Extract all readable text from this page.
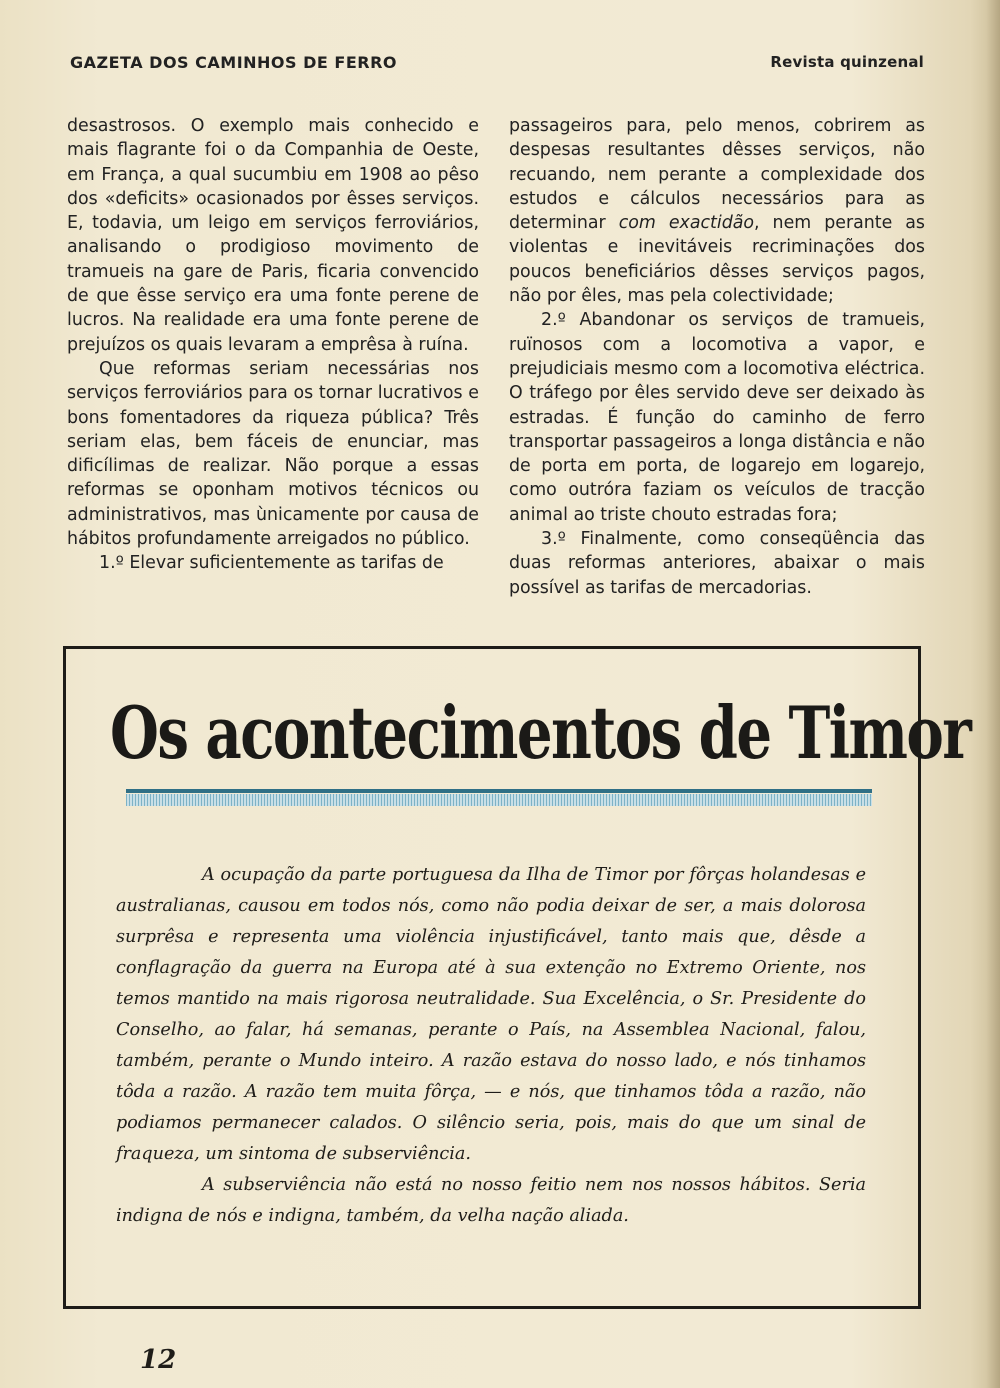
GAZETA DOS CAMINHOS DE FERRO	Revista quinzenal

desastrosos. O exemplo mais conhecido e mais flagrante foi o da Companhia de Oeste, em França, a qual sucumbiu em 1908 ao pêso dos «deficits» ocasionados por êsses serviços. E, todavia, um leigo em serviços ferroviários, analisando o prodigioso movimento de tramueis na gare de Paris, ficaria convencido de que êsse serviço era uma fonte perene de lucros. Na realidade era uma fonte perene de prejuízos os quais levaram a emprêsa à ruína.

Que reformas seriam necessárias nos serviços ferroviários para os tornar lucrativos e bons fomentadores da riqueza pública? Três seriam elas, bem fáceis de enunciar, mas dificílimas de realizar. Não porque a essas reformas se oponham motivos técnicos ou administrativos, mas ùnicamente por causa de hábitos profundamente arreigados no público.

1.º Elevar suficientemente as tarifas de

passageiros para, pelo menos, cobrirem as despesas resultantes dêsses serviços, não recuando, nem perante a complexidade dos estudos e cálculos necessários para as determinar com exactidão, nem perante as violentas e inevitáveis recriminações dos poucos beneficiários dêsses serviços pagos, não por êles, mas pela colectividade;

2.º Abandonar os serviços de tramueis, ruïnosos com a locomotiva a vapor, e prejudiciais mesmo com a locomotiva eléctrica. O tráfego por êles servido deve ser deixado às estradas. É função do caminho de ferro transportar passageiros a longa distância e não de porta em porta, de logarejo em logarejo, como outróra faziam os veículos de tracção animal ao triste chouto estradas fora;

3.º Finalmente, como conseqüência das duas reformas anteriores, abaixar o mais possível as tarifas de mercadorias.

Os acontecimentos de Timor

A ocupação da parte portuguesa da Ilha de Timor por fôrças holandesas e australianas, causou em todos nós, como não podia deixar de ser, a mais dolorosa surprêsa e representa uma violência injustificável, tanto mais que, dêsde a conflagração da guerra na Europa até à sua extenção no Extremo Oriente, nos temos mantido na mais rigorosa neutralidade. Sua Excelência, o Sr. Presidente do Conselho, ao falar, há semanas, perante o País, na Assemblea Nacional, falou, também, perante o Mundo inteiro. A razão estava do nosso lado, e nós tinhamos tôda a razão. A razão tem muita fôrça, — e nós, que tinhamos tôda a razão, não podiamos permanecer calados. O silêncio seria, pois, mais do que um sinal de fraqueza, um sintoma de subserviência.

A subserviência não está no nosso feitio nem nos nossos hábitos. Seria indigna de nós e indigna, também, da velha nação aliada.

12
